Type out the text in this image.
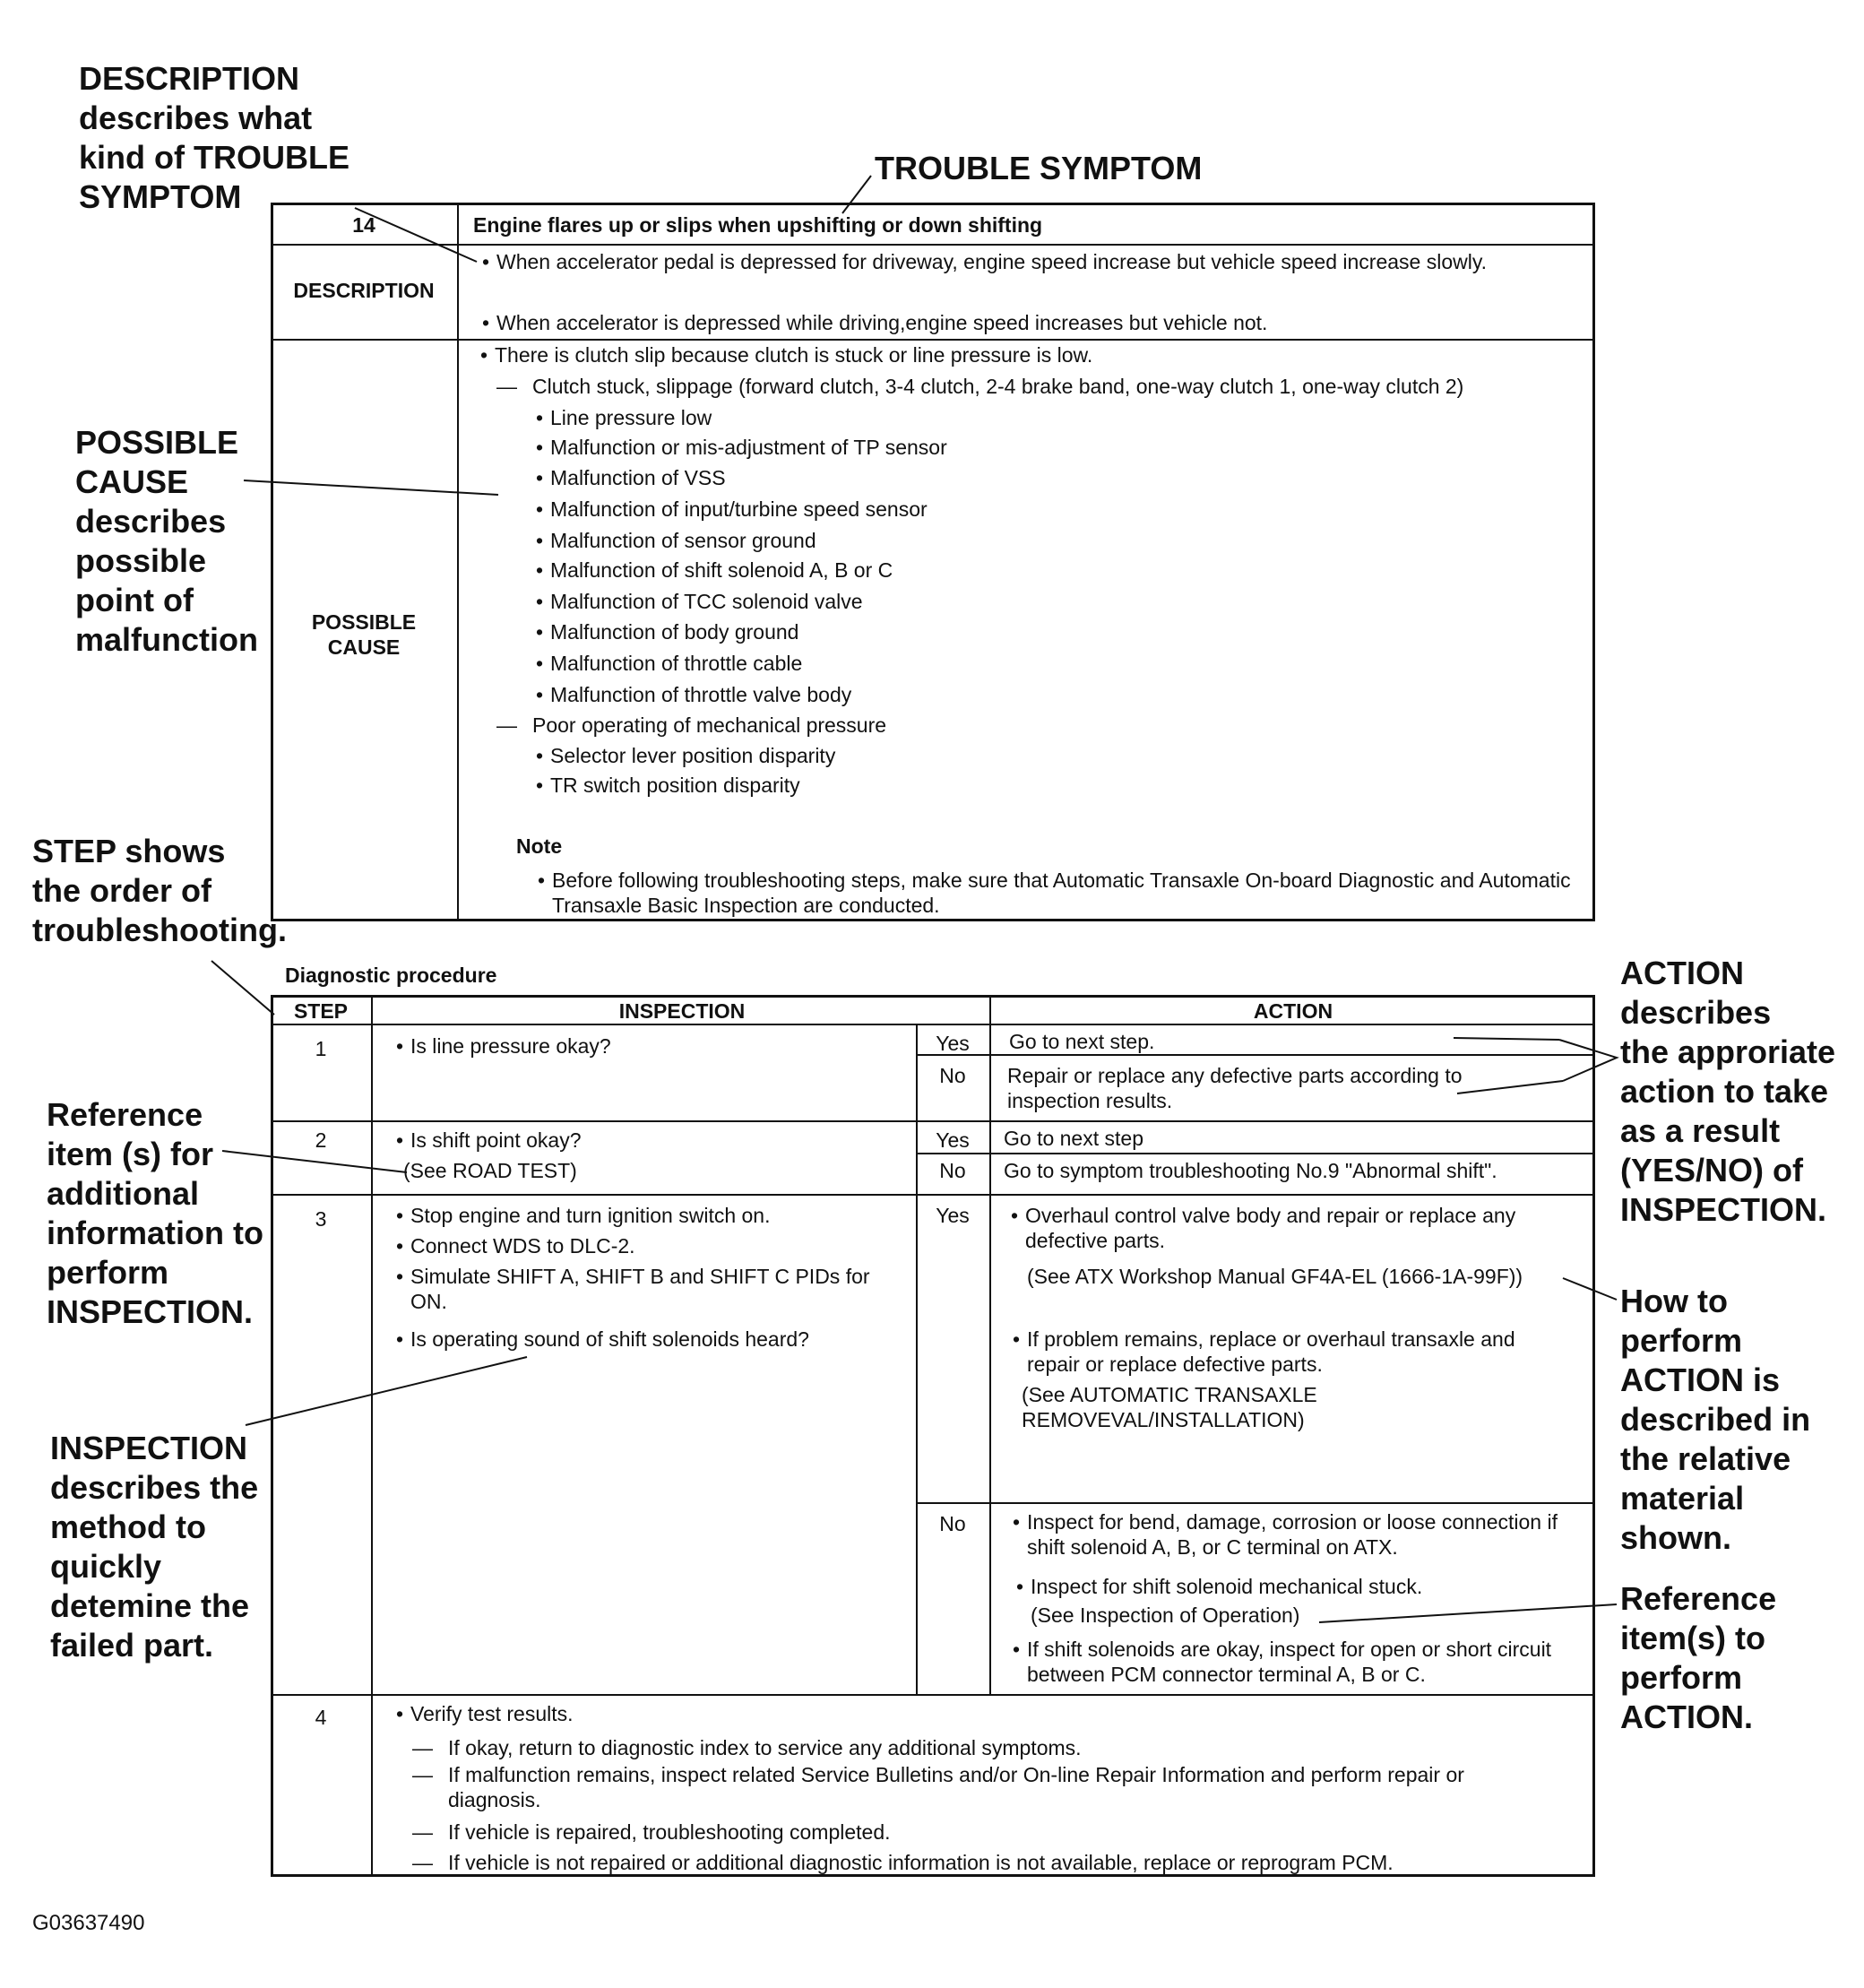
DESCRIPTION
describes what
kind of TROUBLE
SYMPTOM
TROUBLE SYMPTOM
POSSIBLE
CAUSE
describes
possible
point of
malfunction
STEP shows
the order of
troubleshooting.
Reference
item (s) for
additional
information to
perform
INSPECTION.
INSPECTION
describes the
method to
quickly
detemine the
failed part.
ACTION
describes
the approriate
action to take
as a result
(YES/NO) of
INSPECTION.
How to
perform
ACTION is
described in
the relative
material
shown.
Reference
item(s) to
perform
ACTION.
14	Engine flares up or slips when upshifting or down shifting
DESCRIPTION
• When accelerator pedal is depressed for driveway, engine speed increase but vehicle speed increase slowly.
• When accelerator is depressed while driving,engine speed increases but vehicle not.
POSSIBLE
CAUSE
• There is clutch slip because clutch is stuck or line pressure is low.
— Clutch stuck, slippage (forward clutch, 3-4 clutch, 2-4 brake band, one-way clutch 1, one-way clutch 2)
• Line pressure low
• Malfunction or mis-adjustment of TP sensor
• Malfunction of VSS
• Malfunction of input/turbine speed sensor
• Malfunction of sensor ground
• Malfunction of shift solenoid A, B or C
• Malfunction of TCC solenoid valve
• Malfunction of body ground
• Malfunction of throttle cable
• Malfunction of throttle valve body
— Poor operating of mechanical pressure
• Selector lever position disparity
• TR switch position disparity
Note
• Before following troubleshooting steps, make sure that Automatic Transaxle On-board Diagnostic and Automatic Transaxle Basic Inspection are conducted.
Diagnostic procedure
STEP	INSPECTION	ACTION
1	• Is line pressure okay?	Yes	Go to next step.
No	Repair or replace any defective parts according to inspection results.
2	• Is shift point okay?
(See ROAD TEST)
Yes	Go to next step
No	Go to symptom troubleshooting No.9 "Abnormal shift".
3	• Stop engine and turn ignition switch on.
• Connect WDS to DLC-2.
• Simulate SHIFT A, SHIFT B and SHIFT C PIDs for ON.
• Is operating sound of shift solenoids heard?
Yes	• Overhaul control valve body and repair or replace any defective parts.
(See ATX Workshop Manual GF4A-EL (1666-1A-99F))
• If problem remains, replace or overhaul transaxle and repair or replace defective parts.
(See AUTOMATIC TRANSAXLE
REMOVEVAL/INSTALLATION)
No	• Inspect for bend, damage, corrosion or loose connection if shift solenoid A, B, or C terminal on ATX.
• Inspect for shift solenoid mechanical stuck.
(See Inspection of Operation)
• If shift solenoids are okay, inspect for open or short circuit between PCM connector terminal A, B or C.
4	• Verify test results.
— If okay, return to diagnostic index to service any additional symptoms.
— If malfunction remains, inspect related Service Bulletins and/or On-line Repair Information and perform repair or diagnosis.
— If vehicle is repaired, troubleshooting completed.
— If vehicle is not repaired or additional diagnostic information is not available, replace or reprogram PCM.
G03637490
